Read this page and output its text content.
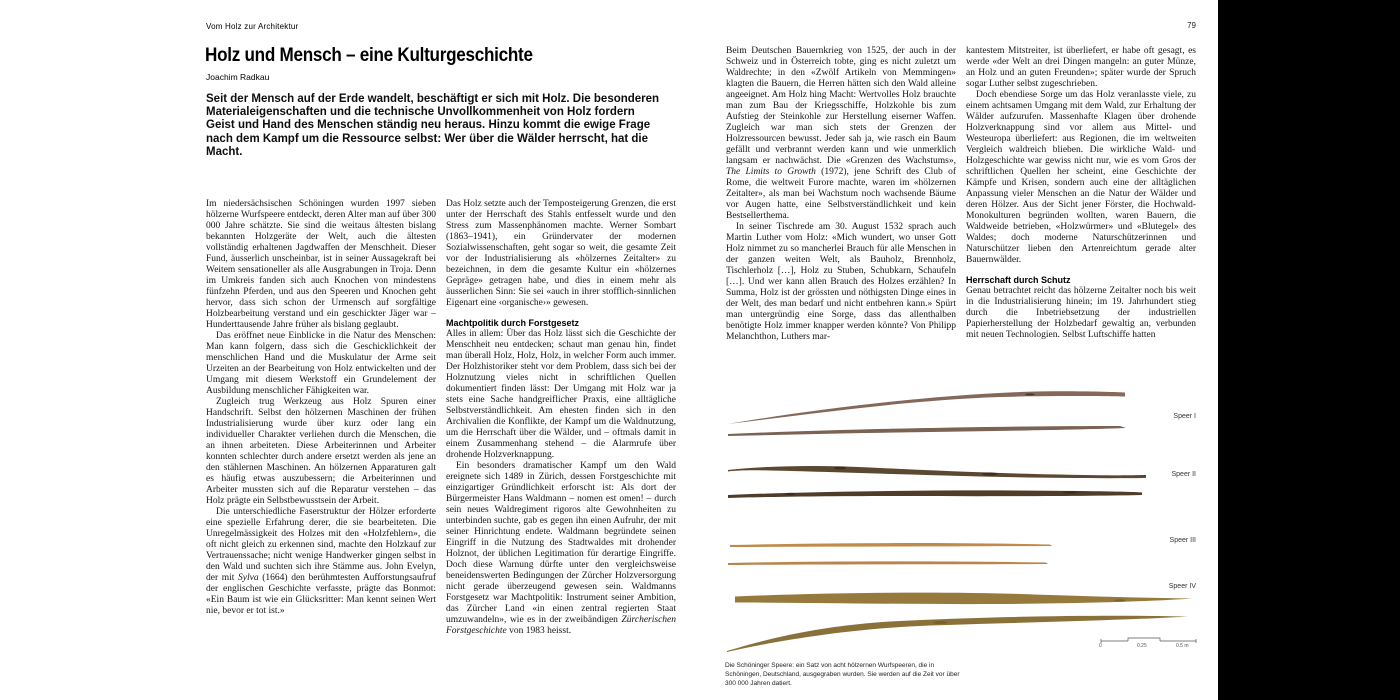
Vom Holz zur Architektur	79
Holz und Mensch – eine Kulturgeschichte
Joachim Radkau

Seit der Mensch auf der Erde wandelt, beschäftigt er sich mit Holz. Die besonderen Materialeigenschaften und die technische Unvollkommenheit von Holz fordern Geist und Hand des Menschen ständig neu heraus. Hinzu kommt die ewige Frage nach dem Kampf um die Ressource selbst: Wer über die Wälder herrscht, hat die Macht.

Im niedersächsischen Schöningen wurden 1997 sieben hölzerne Wurfspeere entdeckt, deren Alter man auf über 300 000 Jahre schätzte. Sie sind die weitaus ältesten bislang bekannten Holzgeräte der Welt, auch die ältesten vollständig erhaltenen Jagdwaffen der Menschheit. Dieser Fund, äusserlich unscheinbar, ist in seiner Aussagekraft bei Weitem sensationeller als alle Ausgrabungen in Troja. Denn im Umkreis fanden sich auch Knochen von mindestens fünfzehn Pferden, und aus den Speeren und Knochen geht hervor, dass sich schon der Urmensch auf sorgfältige Holzbearbeitung verstand und ein geschickter Jäger war – Hunderttausende Jahre früher als bislang geglaubt.

Das eröffnet neue Einblicke in die Natur des Menschen: Man kann folgern, dass sich die Geschicklichkeit der menschlichen Hand und die Muskulatur der Arme seit Urzeiten an der Bearbeitung von Holz entwickelten und der Umgang mit diesem Werkstoff ein Grundelement der Ausbildung menschlicher Fähigkeiten war.

Zugleich trug Werkzeug aus Holz Spuren einer Handschrift. Selbst den hölzernen Maschinen der frühen Industrialisierung wurde über kurz oder lang ein individueller Charakter verliehen durch die Menschen, die an ihnen arbeiteten. Diese Arbeiterinnen und Arbeiter konnten schlechter durch andere ersetzt werden als jene an den stählernen Maschinen. An hölzernen Apparaturen galt es häufig etwas auszubessern; die Arbeiterinnen und Arbeiter mussten sich auf die Reparatur verstehen – das Holz prägte ein Selbstbewusstsein der Arbeit.

Die unterschiedliche Faserstruktur der Hölzer erforderte eine spezielle Erfahrung derer, die sie bearbeiteten. Die Unregelmässigkeit des Holzes mit den «Holzfehlern», die oft nicht gleich zu erkennen sind, machte den Holzkauf zur Vertrauenssache; nicht wenige Handwerker gingen selbst in den Wald und suchten sich ihre Stämme aus. John Evelyn, der mit Sylva (1664) den berühmtesten Aufforstungsaufruf der englischen Geschichte verfasste, prägte das Bonmot: «Ein Baum ist wie ein Glücksritter: Man kennt seinen Wert nie, bevor er tot ist.»

Das Holz setzte auch der Temposteigerung Grenzen, die erst unter der Herrschaft des Stahls entfesselt wurde und den Stress zum Massenphänomen machte. Werner Sombart (1863–1941), ein Gründervater der modernen Sozialwissenschaften, geht sogar so weit, die gesamte Zeit vor der Industrialisierung als «hölzernes Zeitalter» zu bezeichnen, in dem die gesamte Kultur ein «hölzernes Gepräge» getragen habe, und dies in einem mehr als äusserlichen Sinn: Sie sei «auch in ihrer stofflich-sinnlichen Eigenart eine ‹organische›» gewesen.

Machtpolitik durch Forstgesetz

Alles in allem: Über das Holz lässt sich die Geschichte der Menschheit neu entdecken; schaut man genau hin, findet man überall Holz, Holz, Holz, in welcher Form auch immer. Der Holzhistoriker steht vor dem Problem, dass sich bei der Holznutzung vieles nicht in schriftlichen Quellen dokumentiert finden lässt: Der Umgang mit Holz war ja stets eine Sache handgreiflicher Praxis, eine alltägliche Selbstverständlichkeit. Am ehesten finden sich in den Archivalien die Konflikte, der Kampf um die Waldnutzung, um die Herrschaft über die Wälder, und – oftmals damit in einem Zusammenhang stehend – die Alarmrufe über drohende Holzverknappung.

Ein besonders dramatischer Kampf um den Wald ereignete sich 1489 in Zürich, dessen Forstgeschichte mit einzigartiger Gründlichkeit erforscht ist: Als dort der Bürgermeister Hans Waldmann – nomen est omen! – durch sein neues Waldregiment rigoros alte Gewohnheiten zu unterbinden suchte, gab es gegen ihn einen Aufruhr, der mit seiner Hinrichtung endete. Waldmann begründete seinen Eingriff in die Nutzung des Stadtwaldes mit drohender Holznot, der üblichen Legitimation für derartige Eingriffe. Doch diese Warnung dürfte unter den vergleichsweise beneidenswerten Bedingungen der Zürcher Holzversorgung nicht gerade überzeugend gewesen sein. Waldmanns Forstgesetz war Machtpolitik: Instrument seiner Ambition, das Zürcher Land «in einen zentral regierten Staat umzuwandeln», wie es in der zweibändigen Zürcherischen Forstgeschichte von 1983 heisst.

Beim Deutschen Bauernkrieg von 1525, der auch in der Schweiz und in Österreich tobte, ging es nicht zuletzt um Waldrechte; in den «Zwölf Artikeln von Memmingen» klagten die Bauern, die Herren hätten sich den Wald alleine angeeignet. Am Holz hing Macht: Wertvolles Holz brauchte man zum Bau der Kriegsschiffe, Holzkohle bis zum Aufstieg der Steinkohle zur Herstellung eiserner Waffen. Zugleich war man sich stets der Grenzen der Holzressourcen bewusst. Jeder sah ja, wie rasch ein Baum gefällt und verbrannt werden kann und wie unmerklich langsam er nachwächst. Die «Grenzen des Wachstums», The Limits to Growth (1972), jene Schrift des Club of Rome, die weltweit Furore machte, waren im «hölzernen Zeitalter», als man bei Wachstum noch wachsende Bäume vor Augen hatte, eine Selbstverständlichkeit und kein Bestsellerthema.

In seiner Tischrede am 30. August 1532 sprach auch Martin Luther vom Holz: «Mich wundert, wo unser Gott Holz nimmet zu so mancherlei Brauch für alle Menschen in der ganzen weiten Welt, als Bauholz, Brennholz, Tischlerholz […], Holz zu Stuben, Schubkarn, Schaufeln […]. Und wer kann allen Brauch des Holzes erzählen? In Summa, Holz ist der grössten und nöthigsten Dinge eines in der Welt, des man bedarf und nicht entbehren kann.» Spürt man untergründig eine Sorge, dass das allenthalben benötigte Holz immer knapper werden könnte? Von Philipp Melanchthon, Luthers mar-

kantestem Mitstreiter, ist überliefert, er habe oft gesagt, es werde «der Welt an drei Dingen mangeln: an guter Münze, an Holz und an guten Freunden»; später wurde der Spruch sogar Luther selbst zugeschrieben.

Doch ebendiese Sorge um das Holz veranlasste viele, zu einem achtsamen Umgang mit dem Wald, zur Erhaltung der Wälder aufzurufen. Massenhafte Klagen über drohende Holzverknappung sind vor allem aus Mittel- und Westeuropa überliefert: aus Regionen, die im weltweiten Vergleich waldreich blieben. Die wirkliche Wald- und Holzgeschichte war gewiss nicht nur, wie es vom Gros der schriftlichen Quellen her scheint, eine Geschichte der Kämpfe und Krisen, sondern auch eine der alltäglichen Anpassung vieler Menschen an die Natur der Wälder und deren Hölzer. Aus der Sicht jener Förster, die Hochwald-Monokulturen begründen wollten, waren Bauern, die Waldweide betrieben, «Holzwürmer» und «Blutegel» des Waldes; doch moderne Naturschützerinnen und Naturschützer lieben den Artenreichtum gerade alter Bauernwälder.

Herrschaft durch Schutz

Genau betrachtet reicht das hölzerne Zeitalter noch bis weit in die Industrialisierung hinein; im 19. Jahrhundert stieg durch die Inbetriebsetzung der industriellen Papierherstellung der Holzbedarf gewaltig an, verbunden mit neuen Technologien. Selbst Luftschiffe hatten

Speer I
Speer II
Speer III
Speer IV
0	0.25	0.5 m
Die Schöninger Speere: ein Satz von acht hölzernen Wurfspeeren, die in Schöningen, Deutschland, ausgegraben wurden. Sie werden auf die Zeit vor über 300 000 Jahren datiert.
